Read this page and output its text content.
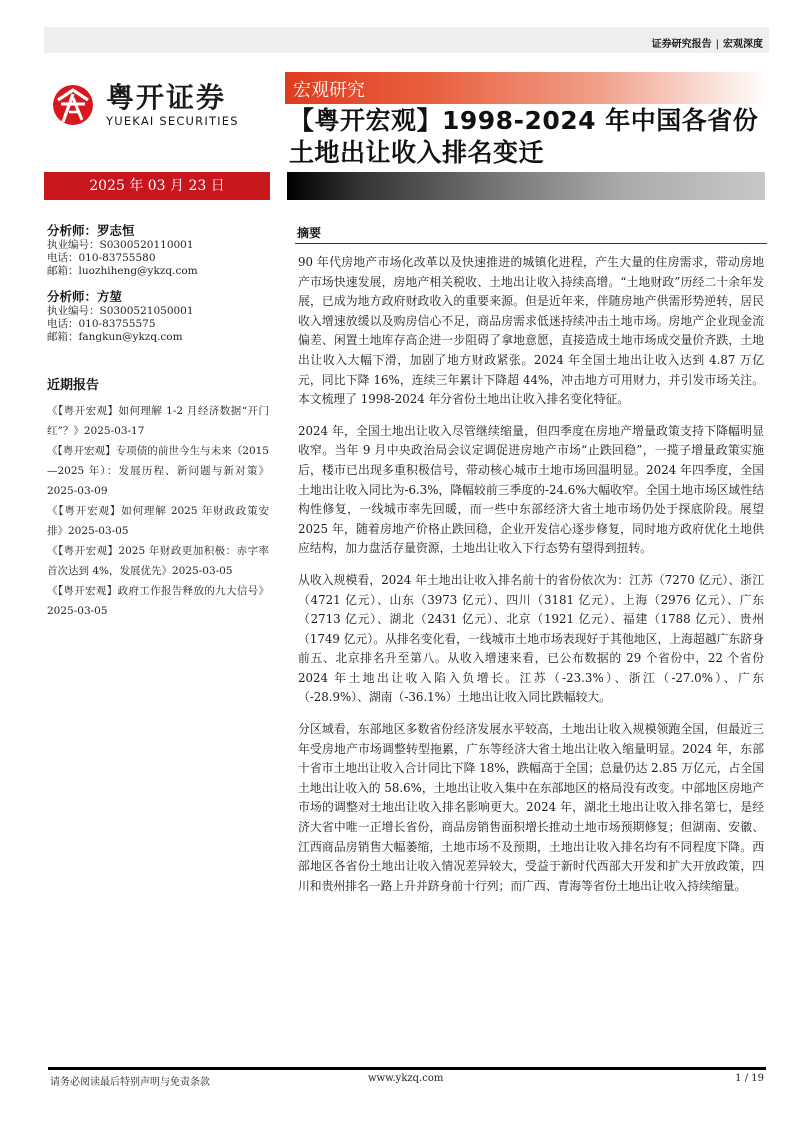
证券研究报告 | 宏观深度
粤开证券
YUEKAI SECURITIES
宏观研究
【粤开宏观】1998-2024 年中国各省份土地出让收入排名变迁
2025 年 03 月 23 日
分析师：罗志恒
执业编号：S0300520110001
电话：010-83755580
邮箱：luozhiheng@ykzq.com
分析师：方堃
执业编号：S0300521050001
电话：010-83755575
邮箱：fangkun@ykzq.com
近期报告

《【粤开宏观】如何理解 1-2 月经济数据“开门红”？》2025-03-17

《【粤开宏观】专项债的前世今生与未来（2015—2025 年）：发展历程、新问题与新对策》2025-03-09

《【粤开宏观】如何理解 2025 年财政政策安排》2025-03-05

《【粤开宏观】2025 年财政更加积极：赤字率首次达到 4%，发展优先》2025-03-05

《【粤开宏观】政府工作报告释放的九大信号》2025-03-05

摘要

90 年代房地产市场化改革以及快速推进的城镇化进程，产生大量的住房需求，带动房地产市场快速发展，房地产相关税收、土地出让收入持续高增。“土地财政”历经二十余年发展，已成为地方政府财政收入的重要来源。但是近年来，伴随房地产供需形势逆转，居民收入增速放缓以及购房信心不足，商品房需求低迷持续冲击土地市场。房地产企业现金流偏差、闲置土地库存高企进一步阻碍了拿地意愿，直接造成土地市场成交量价齐跌，土地出让收入大幅下滑，加剧了地方财政紧张。2024 年全国土地出让收入达到 4.87 万亿元，同比下降 16%，连续三年累计下降超 44%，冲击地方可用财力，并引发市场关注。本文梳理了 1998-2024 年分省份土地出让收入排名变化特征。

2024 年，全国土地出让收入尽管继续缩量，但四季度在房地产增量政策支持下降幅明显收窄。当年 9 月中央政治局会议定调促进房地产市场“止跌回稳”，一揽子增量政策实施后，楼市已出现多重积极信号，带动核心城市土地市场回温明显。2024 年四季度，全国土地出让收入同比为-6.3%，降幅较前三季度的-24.6%大幅收窄。全国土地市场区域性结构性修复，一线城市率先回暖，而一些中东部经济大省土地市场仍处于探底阶段。展望 2025 年，随着房地产价格止跌回稳，企业开发信心逐步修复，同时地方政府优化土地供应结构，加力盘活存量资源，土地出让收入下行态势有望得到扭转。

从收入规模看，2024 年土地出让收入排名前十的省份依次为：江苏（7270 亿元）、浙江（4721 亿元）、山东（3973 亿元）、四川（3181 亿元）、上海（2976 亿元）、广东（2713 亿元）、湖北（2431 亿元）、北京（1921 亿元）、福建（1788 亿元）、贵州（1749 亿元）。从排名变化看，一线城市土地市场表现好于其他地区，上海超越广东跻身前五、北京排名升至第八。从收入增速来看，已公布数据的 29 个省份中，22 个省份 2024 年土地出让收入陷入负增长。江苏（-23.3%）、浙江（-27.0%）、广东（-28.9%）、湖南（-36.1%）土地出让收入同比跌幅较大。

分区域看，东部地区多数省份经济发展水平较高，土地出让收入规模领跑全国，但最近三年受房地产市场调整转型拖累，广东等经济大省土地出让收入缩量明显。2024 年，东部十省市土地出让收入合计同比下降 18%，跌幅高于全国；总量仍达 2.85 万亿元，占全国土地出让收入的 58.6%，土地出让收入集中在东部地区的格局没有改变。中部地区房地产市场的调整对土地出让收入排名影响更大。2024 年，湖北土地出让收入排名第七，是经济大省中唯一正增长省份，商品房销售面积增长推动土地市场预期修复；但湖南、安徽、江西商品房销售大幅萎缩，土地市场不及预期，土地出让收入排名均有不同程度下降。西部地区各省份土地出让收入情况差异较大，受益于新时代西部大开发和扩大开放政策，四川和贵州排名一路上升并跻身前十行列；而广西、青海等省份土地出让收入持续缩量。

请务必阅读最后特别声明与免责条款	www.ykzq.com	1 / 19
